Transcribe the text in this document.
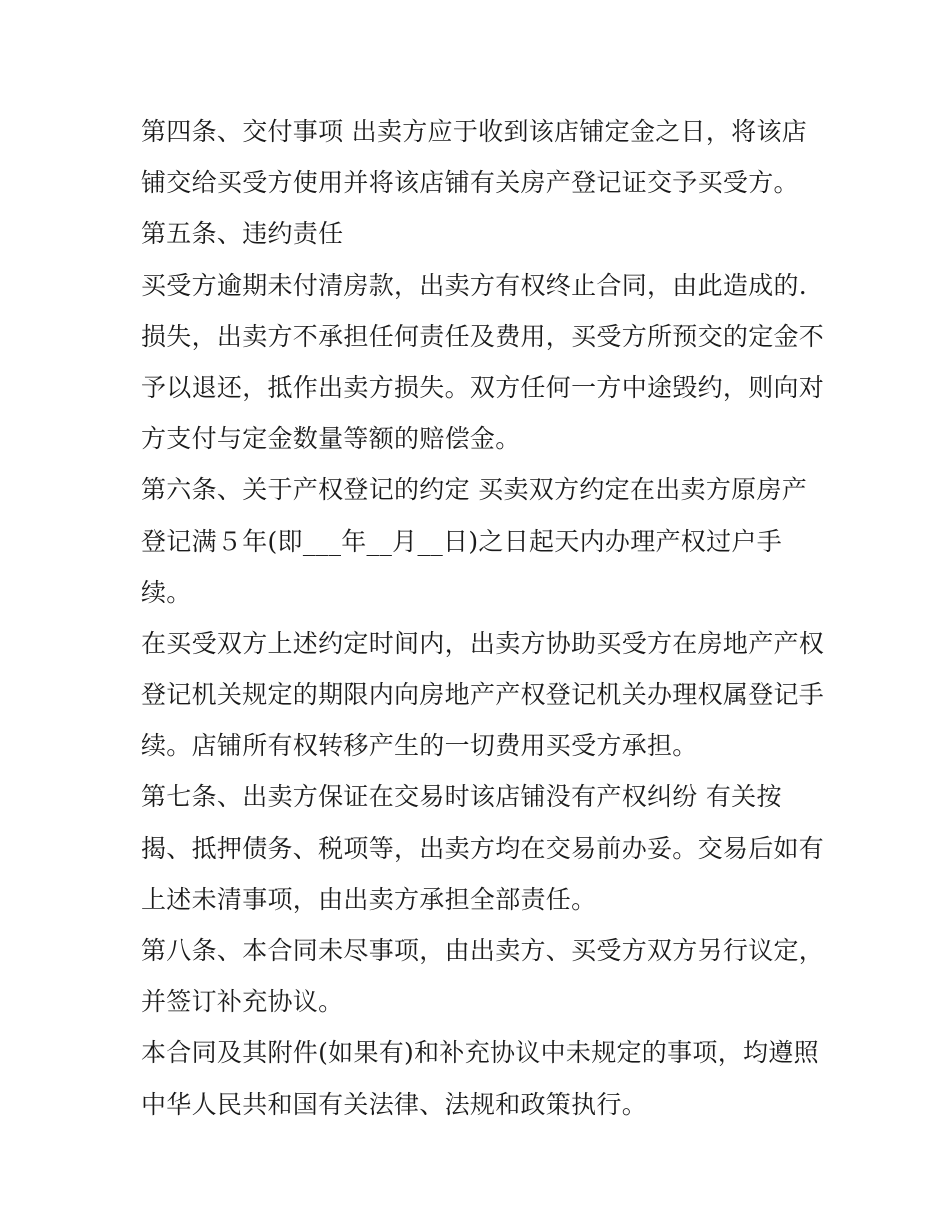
第四条、交付事项 出卖方应于收到该店铺定金之日，将该店
铺交给买受方使用并将该店铺有关房产登记证交予买受方。
第五条、违约责任
买受方逾期未付清房款，出卖方有权终止合同，由此造成的.
损失，出卖方不承担任何责任及费用，买受方所预交的定金不
予以退还，抵作出卖方损失。双方任何一方中途毁约，则向对
方支付与定金数量等额的赔偿金。
第六条、关于产权登记的约定 买卖双方约定在出卖方原房产
登记满５年(即___年__月__日)之日起天内办理产权过户手
续。
在买受双方上述约定时间内，出卖方协助买受方在房地产产权
登记机关规定的期限内向房地产产权登记机关办理权属登记手
续。店铺所有权转移产生的一切费用买受方承担。
第七条、出卖方保证在交易时该店铺没有产权纠纷 有关按
揭、抵押债务、税项等，出卖方均在交易前办妥。交易后如有
上述未清事项，由出卖方承担全部责任。
第八条、本合同未尽事项，由出卖方、买受方双方另行议定，
并签订补充协议。
本合同及其附件(如果有)和补充协议中未规定的事项，均遵照
中华人民共和国有关法律、法规和政策执行。
